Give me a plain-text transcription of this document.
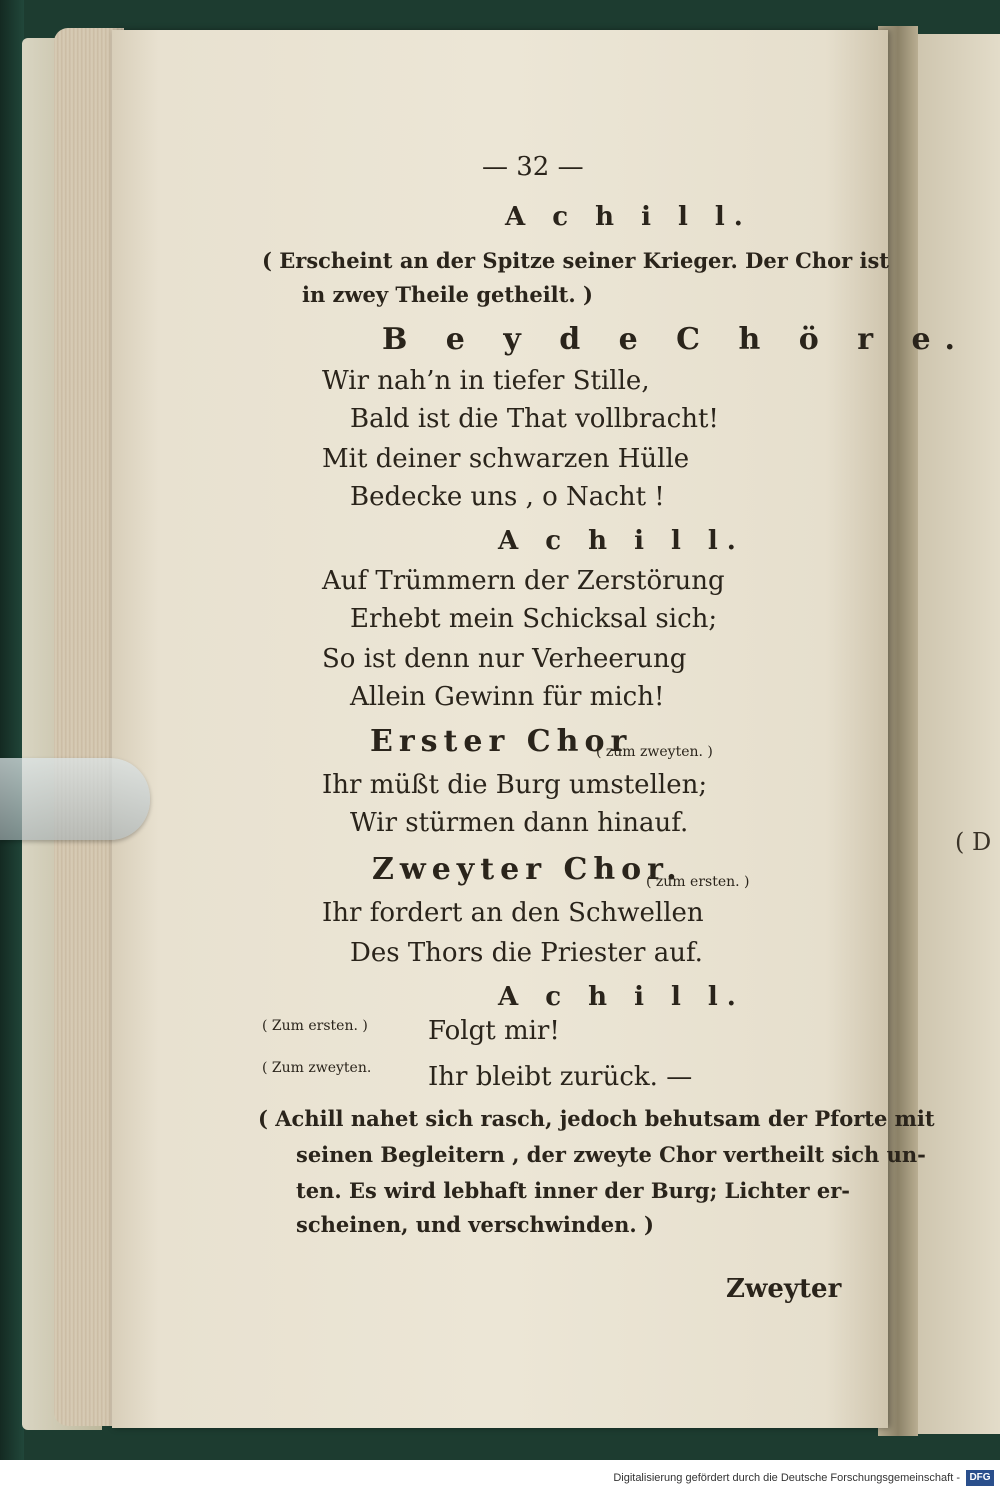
( D
— 32 —
A c h i l l.
( Erscheint an der Spitze seiner Krieger. Der Chor ist
in zwey Theile getheilt. )
B e y d e C h ö r e.
Wir nah’n in tiefer Stille,
Bald ist die That vollbracht!
Mit deiner schwarzen Hülle
Bedecke uns , o Nacht !
A c h i l l.
Auf Trümmern der Zerstörung
Erhebt mein Schicksal sich;
So ist denn nur Verheerung
Allein Gewinn für mich!
Erster Chor
( zum zweyten. )
Ihr müßt die Burg umstellen;
Wir stürmen dann hinauf.
Zweyter Chor.
( zum ersten. )
Ihr fordert an den Schwellen
Des Thors die Priester auf.
A c h i l l.
( Zum ersten. ) Folgt mir!
( Zum zweyten. Ihr bleibt zurück. —
( Achill nahet sich rasch, jedoch behutsam der Pforte mit
seinen Begleitern , der zweyte Chor vertheilt sich un-
ten. Es wird lebhaft inner der Burg; Lichter er-
scheinen, und verschwinden. )
Zweyter
Digitalisierung gefördert durch die Deutsche Forschungsgemeinschaft - DFG
